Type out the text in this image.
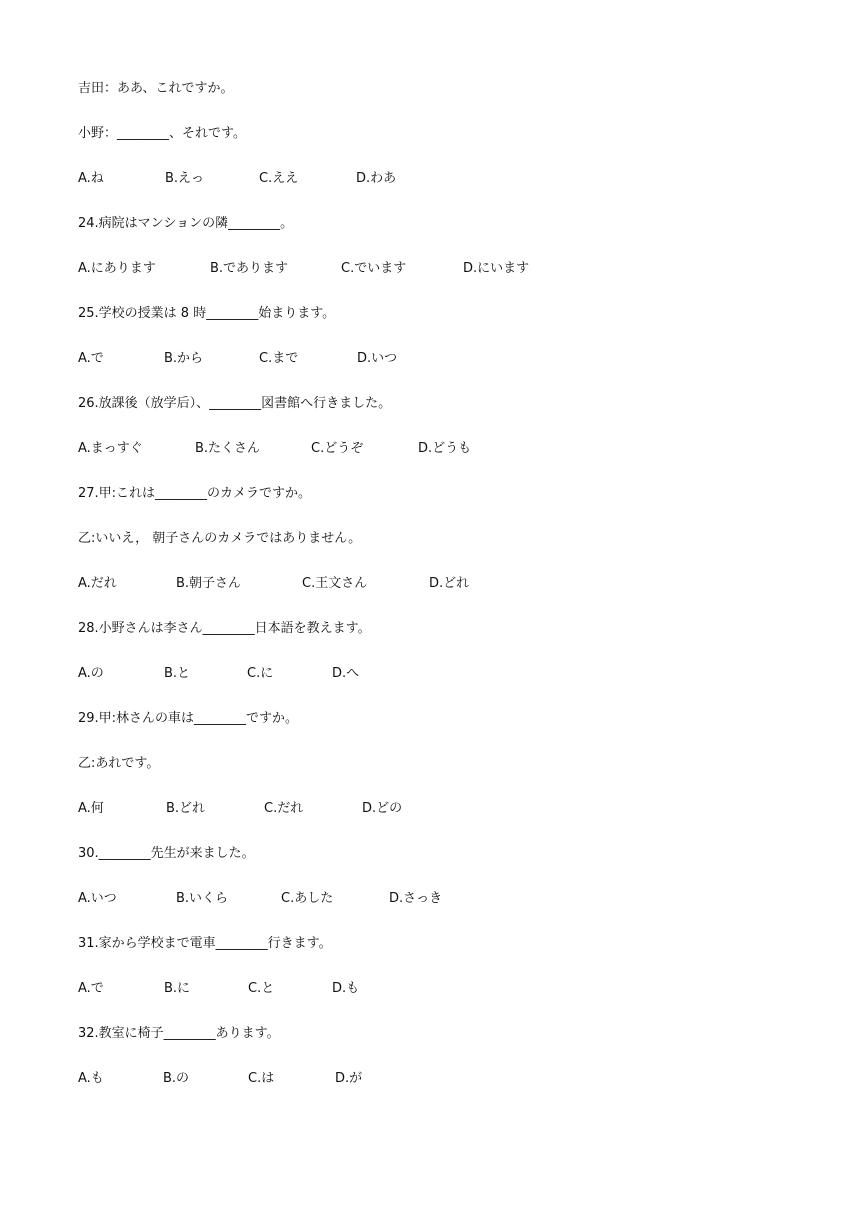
吉田：ああ、これですか。
小野：________、それです。
A.ね	B.えっ	C.ええ	D.わあ
24.病院はマンションの隣________。
A.にあります	B.であります	C.でいます	D.にいます
25.学校の授業は 8 時________始まります。
A.で	B.から	C.まで	D.いつ
26.放課後（放学后）、________図書館へ行きました。
A.まっすぐ	B.たくさん	C.どうぞ	D.どうも
27.甲:これは________のカメラですか。
乙:いいえ， 朝子さんのカメラではありません。
A.だれ	B.朝子さん	C.王文さん	D.どれ
28.小野さんは李さん________日本語を教えます。
A.の	B.と	C.に	D.へ
29.甲:林さんの車は________ですか。
乙:あれです。
A.何	B.どれ	C.だれ	D.どの
30.________先生が来ました。
A.いつ	B.いくら	C.あした	D.さっき
31.家から学校まで電車________行きます。
A.で	B.に	C.と	D.も
32.教室に椅子________あります。
A.も	B.の	C.は	D.が
